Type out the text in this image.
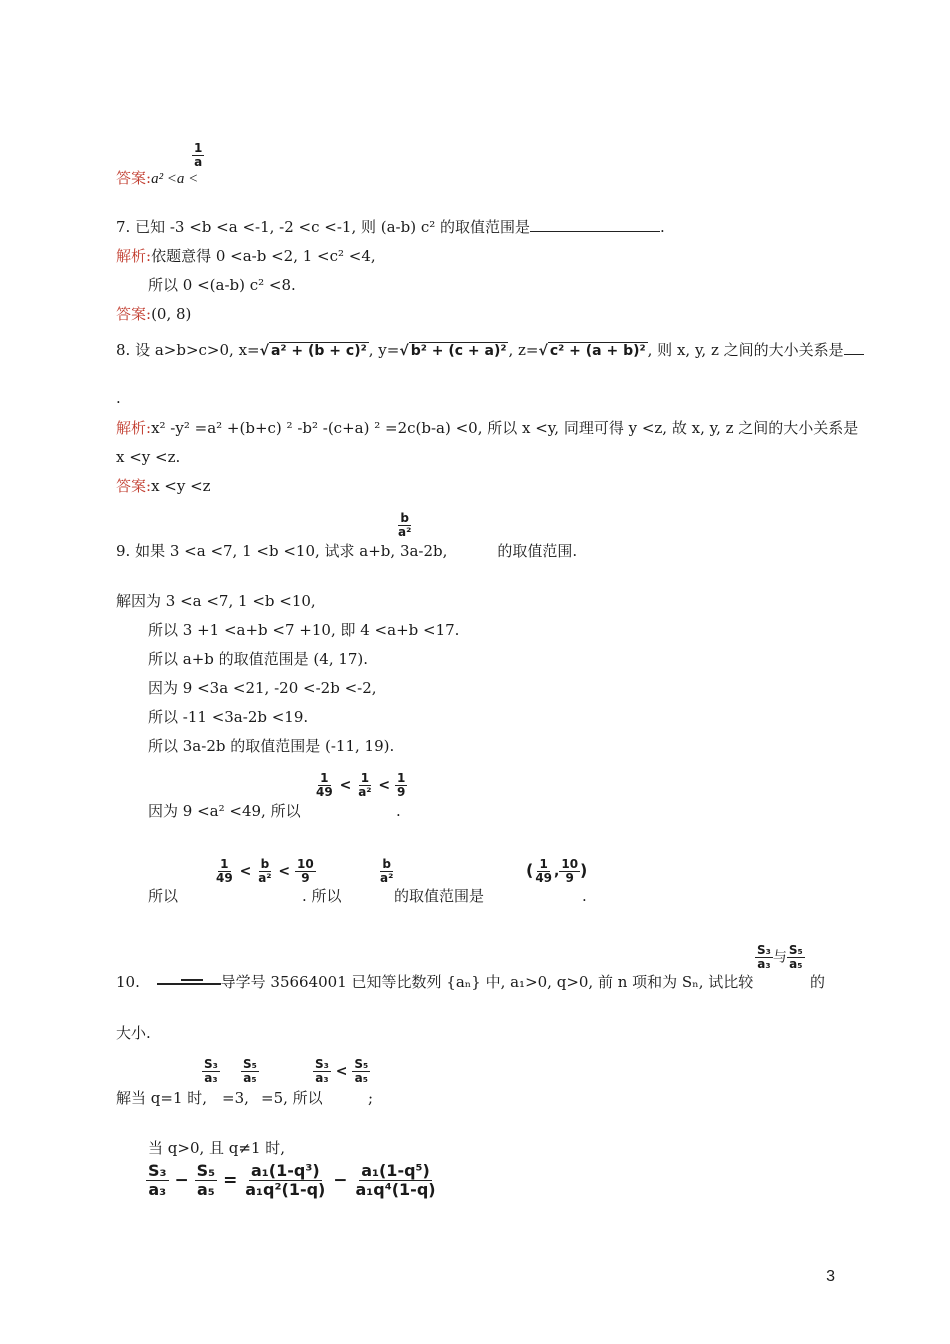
答案:a² <a <
$\frac{1}{a}$
7. 已知 -3 <b <a <-1, -2 <c <-1, 则 (a-b) c² 的取值范围是	.
解析:依题意得 0 <a-b <2, 1 <c² <4,
所以 0 <(a-b) c² <8.
答案:(0, 8)
8. 设 a>b>c>0, x=√ a² + (b + c)² , y=√ b² + (c + a)² , z=√ c² + (a + b)² , 则 x, y, z 之间的大小关系是
.
解析:x² -y² =a² +(b+c) ² -b² -(c+a) ² =2c(b-a) <0, 所以 x <y, 同理可得 y <z, 故 x, y, z 之间的大小关系是
x <y <z.
答案:x <y <z
9. 如果 3 <a <7, 1 <b <10, 试求 a+b, 3a-2b,	的取值范围.
$\frac{b}{\text{a²}}$
解因为 3 <a <7, 1 <b <10,
所以 3 +1 <a+b <7 +10, 即 4 <a+b <17.
所以 a+b 的取值范围是 (4, 17).
因为 9 <3a <21, -20 <-2b <-2,
所以 -11 <3a-2b <19.
所以 3a-2b 的取值范围是 (-11, 19).
因为 9 <a² <49, 所以
$\frac{1}{49} < \frac{1}{\text{a²}} < \frac{1}{9}$
.
所以
$\frac{1}{49} < \frac{b}{\text{a²}} < \frac{10}{9}$
. 所以
$\frac{b}{\text{a²}}$
的取值范围是
( $\frac{1}{49}$ , $\frac{10}{9}$ )
.
10.	导学号 35664001 已知等比数列 {aₙ} 中, a₁>0, q>0, 前 n 项和为 Sₙ, 试比较
$\frac{\text{S₃}}{\text{a₃}}$ 与 $\frac{\text{S₅}}{\text{a₅}}$
的
大小.
解当 q=1 时,
$\frac{\text{S₃}}{\text{a₃}}$
=3,
$\frac{\text{S₅}}{\text{a₅}}$
=5, 所以
$\frac{\text{S₃}}{\text{a₃}} < \frac{\text{S₅}}{\text{a₅}}$
;
当 q>0, 且 q≠1 时,
$\frac{\text{S₃}}{\text{a₃}} - \frac{\text{S₅}}{\text{a₅}} = \frac{\text{a₁(1-q³)}}{\text{a₁q²(1-q)}} - \frac{\text{a₁(1-q⁵)}}{\text{a₁q⁴(1-q)}}$
3
